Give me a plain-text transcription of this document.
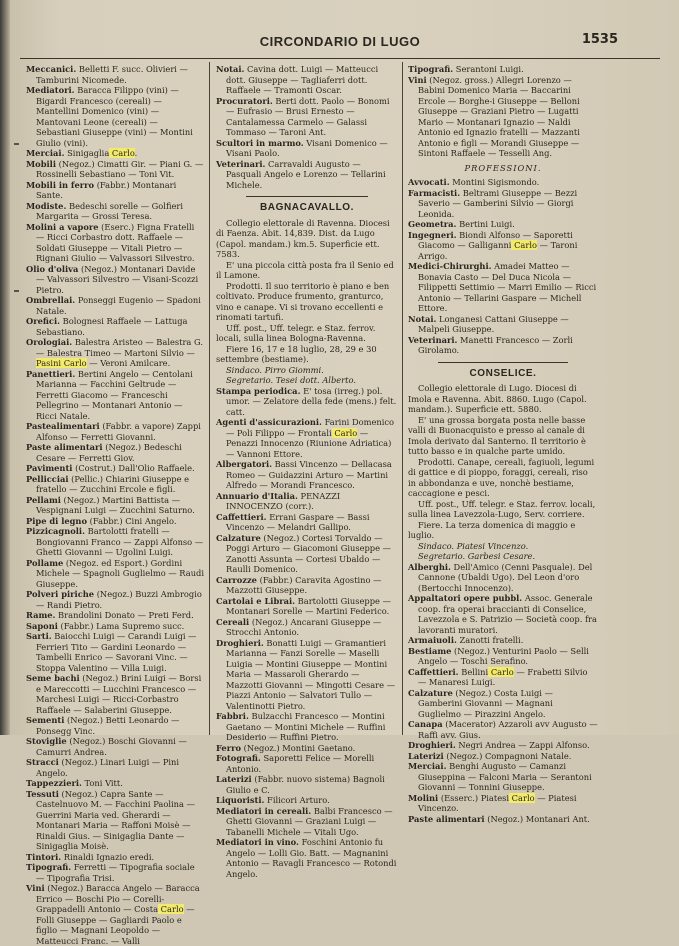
CIRCONDARIO DI LUGO	1535

Meccanici. Belletti F. succ. Olivieri — Tamburini Nicomede.

Mediatori. Baracca Filippo (vini) — Bigardi Francesco (cereali) — Mantellini Domenico (vini) — Mantovani Leone (cereali) — Sebastiani Giuseppe (vini) — Montini Giulio (vini).

Merciai. Sinigaglia Carlo.

Mobili (Negoz.) Cimatti Gir. — Piani G. — Rossinelli Sebastiano — Toni Vit.

Mobili in ferro (Fabbr.) Montanari Sante.

Modiste. Bedeschi sorelle — Golfieri Margarita — Grossi Teresa.

Molini a vapore (Eserc.) Figna Fratelli — Ricci Corbastro dott. Raffaele — Soldati Giuseppe — Vitali Pietro — Rignani Giulio — Valvassori Silvestro.

Olio d'oliva (Negoz.) Montanari Davide — Valvassori Silvestro — Visani-Scozzi Pietro.

Ombrellai. Ponseggi Eugenio — Spadoni Natale.

Orefici. Bolognesi Raffaele — Lattuga Sebastiano.

Orologiai. Balestra Aristeo — Balestra G. — Balestra Timeo — Martoni Silvio — Pasini Carlo — Veroni Amilcare.

Panettieri. Bertini Angelo — Centolani Marianna — Facchini Geltrude — Ferretti Giacomo — Franceschi Pellegrino — Montanari Antonio — Ricci Natale.

Pastealimentari (Fabbr. a vapore) Zappi Alfonso — Ferretti Giovanni.

Paste alimentari (Negoz.) Bedeschi Cesare — Ferretti Giov.

Pavimenti (Costrut.) Dall'Olio Raffaele.

Pellicciai (Pellic.) Chiarini Giuseppe e fratello — Zucchini Ercole e figli.

Pellami (Negoz.) Martini Battista — Vespignani Luigi — Zucchini Saturno.

Pipe di legno (Fabbr.) Cini Angelo.

Pizzicagnoli. Bartolotti fratelli — Bongiovanni Franco — Zappi Alfonso — Ghetti Giovanni — Ugolini Luigi.

Pollame (Negoz. ed Esport.) Gordini Michele — Spagnoli Guglielmo — Raudi Giuseppe.

Polveri piriche (Negoz.) Buzzi Ambrogio — Randi Pietro.

Rame. Brandolini Donato — Preti Ferd.

Saponi (Fabbr.) Lama Supremo succ.

Sarti. Baiocchi Luigi — Carandi Luigi — Ferrieri Tito — Gardini Leonardo — Tambelli Enrico — Savorani Vinc. — Stoppa Valentino — Villa Luigi.

Seme bachi (Negoz.) Brini Luigi — Borsi e Mareccotti — Lucchini Francesco — Marchesi Luigi — Ricci-Corbastro Raffaele — Salaberini Giuseppe.

Sementi (Negoz.) Betti Leonardo — Ponsegg Vinc.

Stoviglie (Negoz.) Boschi Giovanni — Camurri Andrea.

Stracci (Negoz.) Linari Luigi — Pini Angelo.

Tappezzieri. Toni Vitt.

Tessuti (Negoz.) Capra Sante — Castelnuovo M. — Facchini Paolina — Guerrini Maria ved. Gherardi — Montanari Maria — Raffoni Moisè — Rinaldi Gius. — Sinigaglia Dante — Sinigaglia Moisè.

Tintori. Rinaldi Ignazio eredi.

Tipografi. Ferretti — Tipografia sociale — Tipografia Trisi.

Vini (Negoz.) Baracca Angelo — Baracca Errico — Boschi Pio — Corelli-Grappadelli Antonio — Costa Carlo — Folli Giuseppe — Gagliardi Paolo e figlio — Magnani Leopoldo — Matteucci Franc. — Valli

Notai. Cavina dott. Luigi — Matteucci dott. Giuseppe — Tagliaferri dott. Raffaele — Tramonti Oscar.

Procuratori. Berti dott. Paolo — Bonomi — Eufrasio — Brusi Ernesto — Cantalamessa Carmelo — Galassi Tommaso — Taroni Ant.

Scultori in marmo. Visani Domenico — Visani Paolo.

Veterinari. Carravaldi Augusto — Pasquali Angelo e Lorenzo — Tellarini Michele.

BAGNACAVALLO.

Collegio elettorale di Ravenna. Diocesi di Faenza. Abit. 14,839. Dist. da Lugo (Capol. mandam.) km.5. Superficie ett. 7583.

E' una piccola città posta fra il Senio ed il Lamone.

Prodotti. Il suo territorio è piano e ben coltivato. Produce frumento, granturco, vino e canape. Vi si trovano eccellenti e rinomati tartufi.

Uff. post., Uff. telegr. e Staz. ferrov. locali, sulla linea Bologna-Ravenna.

Fiere 16, 17 e 18 luglio, 28, 29 e 30 settembre (bestiame).

Sindaco. Pirro Giommi.

Segretario. Tesei dott. Alberto.

Stampa periodica. E' tosa (irreg.) pol. umor. — Zelatore della fede (mens.) felt. catt.

Agenti d'assicurazioni. Farini Domenico — Poli Filippo — Frontali Carlo — Penazzi Innocenzo (Riunione Adriatica) — Vannoni Ettore.

Albergatori. Bassi Vincenzo — Dellacasa Romeo — Guidazzini Arturo — Martini Alfredo — Morandi Francesco.

Annuario d'Italia. PENAZZI INNOCENZO (corr.).

Caffettieri. Errani Gaspare — Bassi Vincenzo — Melandri Gallipo.

Calzature (Negoz.) Cortesi Torvaldo — Poggi Arturo — Giacomoni Giuseppe — Zanotti Assunta — Cortesi Ubaldo — Raulli Domenico.

Carrozze (Fabbr.) Caravita Agostino — Mazzotti Giuseppe.

Cartolai e Librai. Bartolotti Giuseppe — Montanari Sorelle — Martini Federico.

Cereali (Negoz.) Ancarani Giuseppe — Strocchi Antonio.

Droghieri. Bonatti Luigi — Gramantieri Marianna — Fanzi Sorelle — Maselli Luigia — Montini Giuseppe — Montini Maria — Massaroli Gherardo — Mazzotti Giovanni — Mingotti Cesare — Piazzi Antonio — Salvatori Tullo — Valentinotti Pietro.

Fabbri. Bulzacchi Francesco — Montini Gaetano — Montini Michele — Ruffini Desiderio — Ruffini Pietro.

Ferro (Negoz.) Montini Gaetano.

Fotografi. Saporetti Felice — Morelli Antonio.

Laterizi (Fabbr. nuovo sistema) Bagnoli Giulio e C.

Liquoristi. Filicori Arturo.

Mediatori in cereali. Balbi Francesco — Ghetti Giovanni — Graziani Luigi — Tabanelli Michele — Vitali Ugo.

Mediatori in vino. Foschini Antonio fu Angelo — Lolli Gio. Batt. — Magnanini Antonio — Ravagli Francesco — Rotondi Angelo.

Tipografi. Serantoni Luigi.

Vini (Negoz. gross.) Allegri Lorenzo — Babini Domenico Maria — Baccarini Ercole — Borghe-i Giuseppe — Belloni Giuseppe — Graziani Pietro — Lugatti Mario — Montanari Ignazio — Naldi Antonio ed Ignazio fratelli — Mazzanti Antonio e figli — Morandi Giuseppe — Sintoni Raffaele — Tesselli Ang.

PROFESSIONI.

Avvocati. Montini Sigismondo.

Farmacisti. Beltrami Giuseppe — Bezzi Saverio — Gamberini Silvio — Giorgi Leonida.

Geometra. Bertini Luigi.

Ingegneri. Biondi Alfonso — Saporetti Giacomo — Galliganni Carlo — Taroni Arrigo.

Medici-Chirurghi. Amadei Matteo — Bonavia Casto — Del Duca Nicola — Filippetti Settimio — Marri Emilio — Ricci Antonio — Tellarini Gaspare — Michell Ettore.

Notai. Longanesi Cattani Giuseppe — Malpeli Giuseppe.

Veterinari. Manetti Francesco — Zorli Girolamo.

CONSELICE.

Collegio elettorale di Lugo. Diocesi di Imola e Ravenna. Abit. 8860. Lugo (Capol. mandam.). Superficie ett. 5880.

E' una grossa borgata posta nelle basse valli di Buonacquisto e presso al canale di Imola derivato dal Santerno. Il territorio è tutto basso e in qualche parte umido.

Prodotti. Canape, cereali, fagiuoli, legumi di gattice e di pioppo, foraggi, cereali, riso in abbondanza e uve, nonchè bestiame, caccagione e pesci.

Uff. post., Uff. telegr. e Staz. ferrov. locali, sulla linea Lavezzola-Lugo, Serv. corriere.

Fiere. La terza domenica di maggio e luglio.

Sindaco. Piatesi Vincenzo.

Segretario. Garbesi Cesare.

Alberghi. Dell'Amico (Cenni Pasquale). Del Cannone (Ubaldi Ugo). Del Leon d'oro (Bertocchi Innocenzo).

Appaltatori opere pubbl. Assoc. Generale coop. fra operai braccianti di Conselice, Lavezzola e S. Patrizio — Società coop. fra lavoranti muratori.

Armaiuoli. Zanotti fratelli.

Bestiame (Negoz.) Venturini Paolo — Selli Angelo — Toschi Serafino.

Caffettieri. Bellini Carlo — Frabetti Silvio — Manaresi Luigi.

Calzature (Negoz.) Costa Luigi — Gamberini Giovanni — Magnani Guglielmo — Pirazzini Angelo.

Canapa (Macerator) Azzaroli avv Augusto — Raffi avv. Gius.

Droghieri. Negri Andrea — Zappi Alfonso.

Laterizi (Negoz.) Compagnoni Natale.

Merciai. Benghi Augusto — Camanzi Giuseppina — Falconi Maria — Serantoni Giovanni — Tonnini Giuseppe.

Molini (Esserc.) Piatesi Carlo — Piatesi Vincenzo.

Paste alimentari (Negoz.) Montanari Ant.
